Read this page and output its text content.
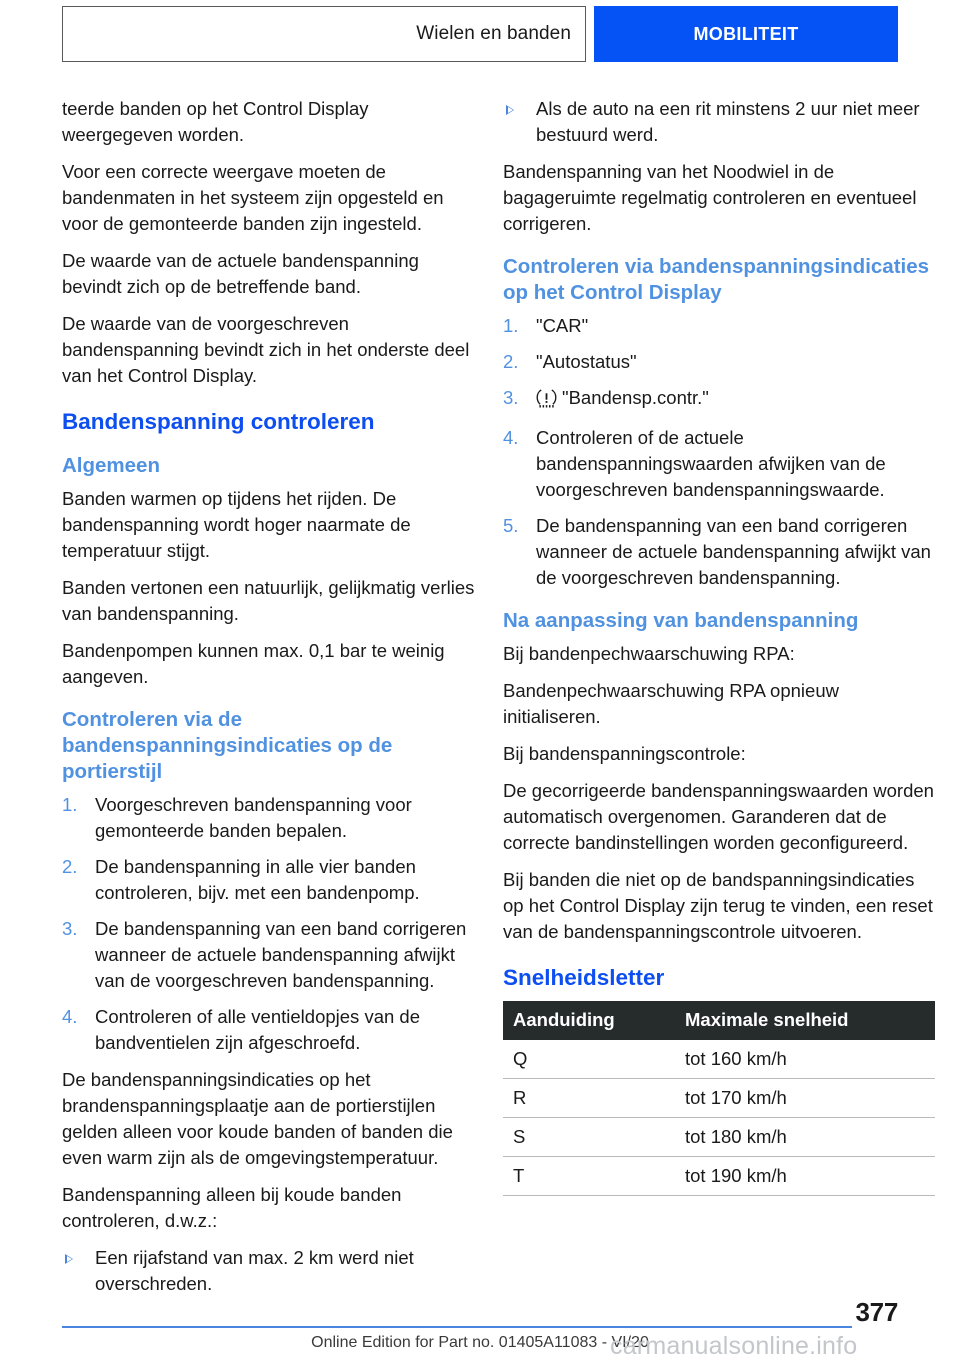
Wielen en banden	MOBILITEIT

teerde banden op het Control Display weergegeven worden.

Voor een correcte weergave moeten de bandenmaten in het systeem zijn opgesteld en voor de gemonteerde banden zijn ingesteld.

De waarde van de actuele bandenspanning bevindt zich op de betreffende band.

De waarde van de voorgeschreven bandenspanning bevindt zich in het onderste deel van het Control Display.

Bandenspanning controleren
Algemeen

Banden warmen op tijdens het rijden. De bandenspanning wordt hoger naarmate de temperatuur stijgt.

Banden vertonen een natuurlijk, gelijkmatig verlies van bandenspanning.

Bandenpompen kunnen max. 0,1 bar te weinig aangeven.

Controleren via de bandenspanningsindicaties op de portierstijl
Voorgeschreven bandenspanning voor gemonteerde banden bepalen.
De bandenspanning in alle vier banden controleren, bijv. met een bandenpomp.
De bandenspanning van een band corrigeren wanneer de actuele bandenspanning afwijkt van de voorgeschreven bandenspanning.
Controleren of alle ventieldopjes van de bandventielen zijn afgeschroefd.

De bandenspanningsindicaties op het brandenspanningsplaatje aan de portierstijlen gelden alleen voor koude banden of banden die even warm zijn als de omgevingstemperatuur.

Bandenspanning alleen bij koude banden controleren, d.w.z.:

Een rijafstand van max. 2 km werd niet overschreden.
Als de auto na een rit minstens 2 uur niet meer bestuurd werd.

Bandenspanning van het Noodwiel in de bagageruimte regelmatig controleren en eventueel corrigeren.

Controleren via bandenspanningsindicaties op het Control Display
"CAR"
"Autostatus"
"Bandensp.contr."
Controleren of de actuele bandenspanningswaarden afwijken van de voorgeschreven bandenspanningswaarde.
De bandenspanning van een band corrigeren wanneer de actuele bandenspanning afwijkt van de voorgeschreven bandenspanning.
Na aanpassing van bandenspanning

Bij bandenpechwaarschuwing RPA:

Bandenpechwaarschuwing RPA opnieuw initialiseren.

Bij bandenspanningscontrole:

De gecorrigeerde bandenspanningswaarden worden automatisch overgenomen. Garanderen dat de correcte bandinstellingen worden geconfigureerd.

Bij banden die niet op de bandspanningsindicaties op het Control Display zijn terug te vinden, een reset van de bandenspanningscontrole uitvoeren.

Snelheidsletter
Aanduiding	Maximale snelheid
Q	tot 160 km/h
R	tot 170 km/h
S	tot 180 km/h
T	tot 190 km/h
377
Online Edition for Part no. 01405A11083 - VI/20
carmanualsonline.info
